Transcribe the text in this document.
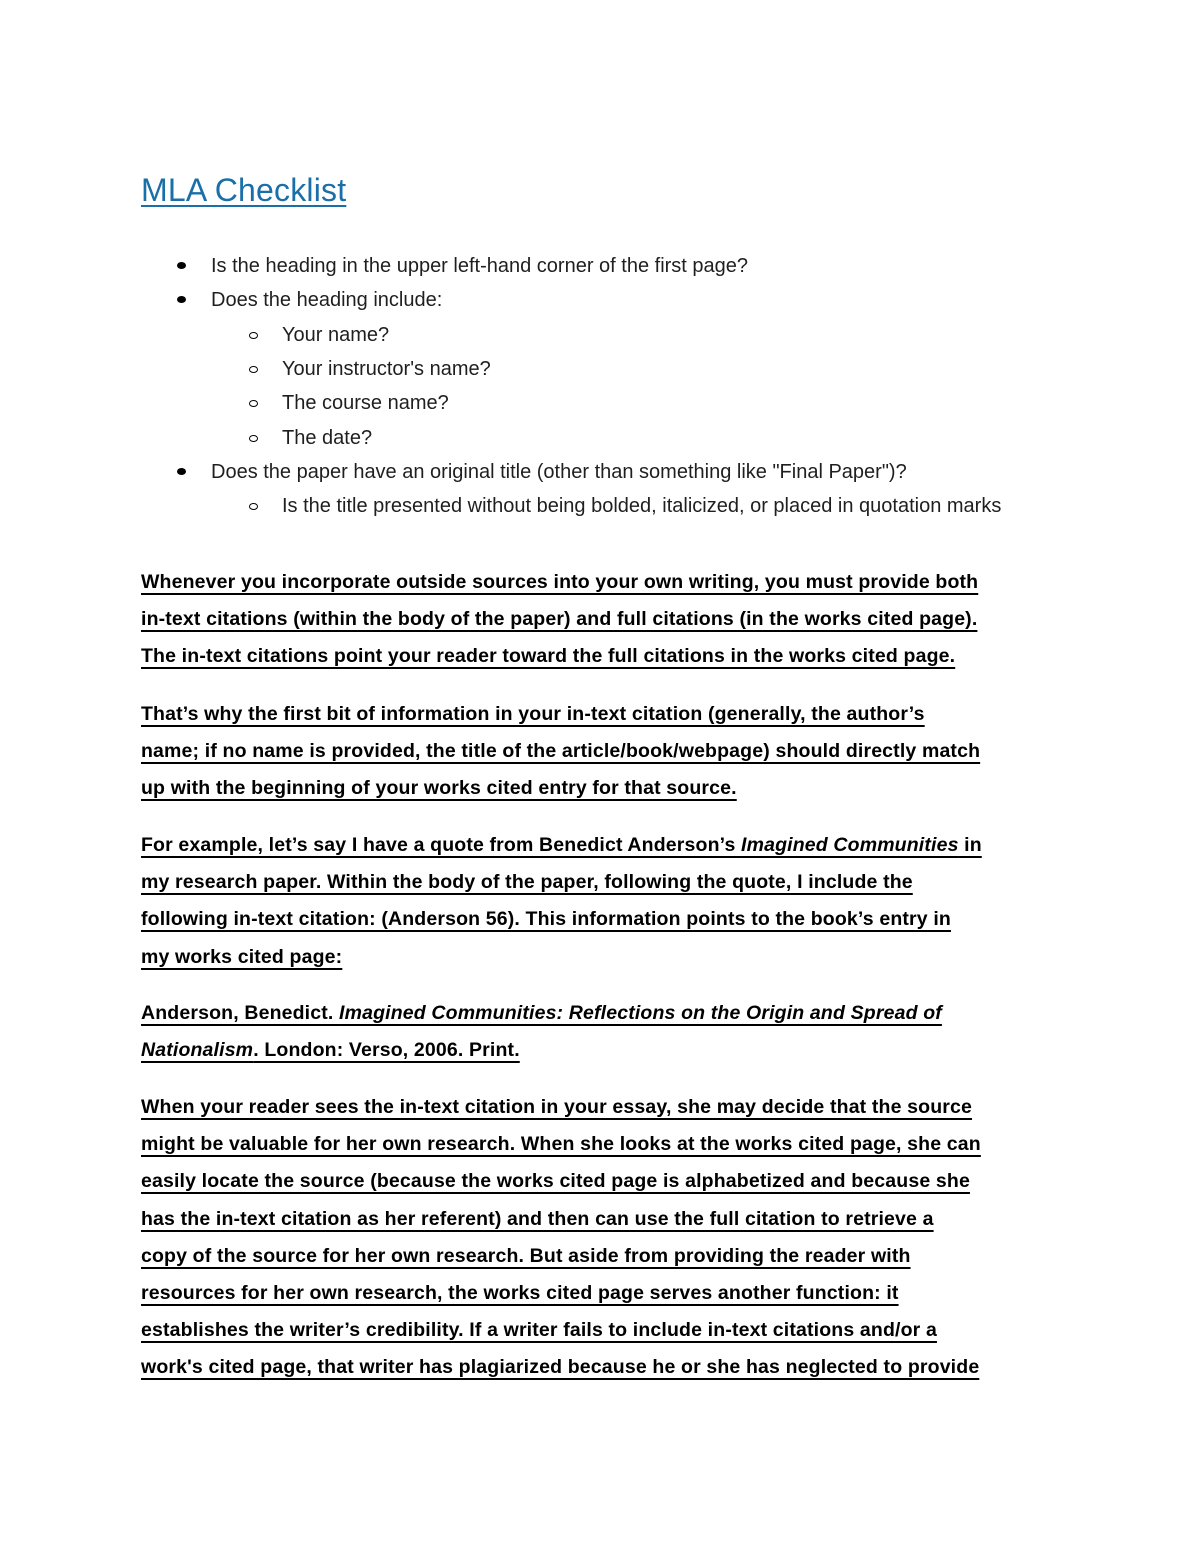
MLA Checklist
Is the heading in the upper left-hand corner of the first page?
Does the heading include:
Your name?
Your instructor's name?
The course name?
The date?
Does the paper have an original title (other than something like "Final Paper")?
Is the title presented without being bolded, italicized, or placed in quotation marks

Whenever you incorporate outside sources into your own writing, you must provide both
in-text citations (within the body of the paper) and full citations (in the works cited page).
The in-text citations point your reader toward the full citations in the works cited page.

That’s why the first bit of information in your in-text citation (generally, the author’s
name; if no name is provided, the title of the article/book/webpage) should directly match
up with the beginning of your works cited entry for that source.

For example, let’s say I have a quote from Benedict Anderson’s Imagined Communities in
my research paper. Within the body of the paper, following the quote, I include the
following in-text citation: (Anderson 56). This information points to the book’s entry in
my works cited page:

Anderson, Benedict. Imagined Communities: Reflections on the Origin and Spread of
Nationalism. London: Verso, 2006. Print.

When your reader sees the in-text citation in your essay, she may decide that the source
might be valuable for her own research. When she looks at the works cited page, she can
easily locate the source (because the works cited page is alphabetized and because she
has the in-text citation as her referent) and then can use the full citation to retrieve a
copy of the source for her own research. But aside from providing the reader with
resources for her own research, the works cited page serves another function: it
establishes the writer’s credibility. If a writer fails to include in-text citations and/or a
work's cited page, that writer has plagiarized because he or she has neglected to provide
